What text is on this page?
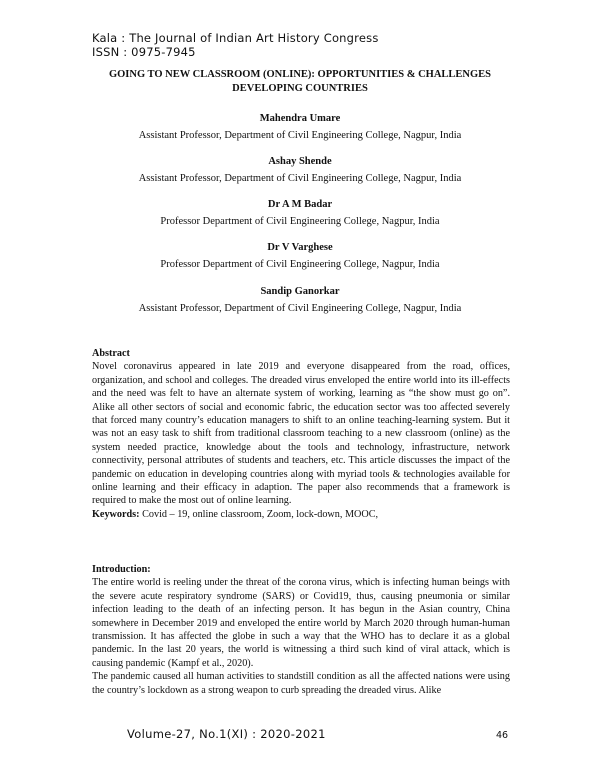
Kala : The Journal of Indian Art History Congress
ISSN : 0975-7945
GOING TO NEW CLASSROOM (ONLINE): OPPORTUNITIES & CHALLENGES
DEVELOPING COUNTRIES
Mahendra Umare
Assistant Professor, Department of Civil Engineering College, Nagpur, India
Ashay Shende
Assistant Professor, Department of Civil Engineering College, Nagpur, India
Dr A M Badar
Professor Department of Civil Engineering College, Nagpur, India
Dr V Varghese
Professor Department of Civil Engineering College, Nagpur, India
Sandip Ganorkar
Assistant Professor, Department of Civil Engineering College, Nagpur, India
Abstract

Novel coronavirus appeared in late 2019 and everyone disappeared from the road, offices, organization, and school and colleges. The dreaded virus enveloped the entire world into its ill-effects and the need was felt to have an alternate system of working, learning as “the show must go on”. Alike all other sectors of social and economic fabric, the education sector was too affected severely that forced many country’s education managers to shift to an online teaching-learning system. But it was not an easy task to shift from traditional classroom teaching to a new classroom (online) as the system needed practice, knowledge about the tools and technology, infrastructure, network connectivity, personal attributes of students and teachers, etc. This article discusses the impact of the pandemic on education in developing countries along with myriad tools & technologies available for online learning and their efficacy in adaption. The paper also recommends that a framework is required to make the most out of online learning.

Keywords: Covid – 19, online classroom, Zoom, lock-down, MOOC,

Introduction:

The entire world is reeling under the threat of the corona virus, which is infecting human beings with the severe acute respiratory syndrome (SARS) or Covid19, thus, causing pneumonia or similar infection leading to the death of an infecting person. It has begun in the Asian country, China somewhere in December 2019 and enveloped the entire world by March 2020 through human-human transmission. It has affected the globe in such a way that the WHO has to declare it as a global pandemic. In the last 20 years, the world is witnessing a third such kind of viral attack, which is causing pandemic (Kampf et al., 2020).

The pandemic caused all human activities to standstill condition as all the affected nations were using the country’s lockdown as a strong weapon to curb spreading the dreaded virus. Alike

Volume-27, No.1(XI) : 2020-2021	46
